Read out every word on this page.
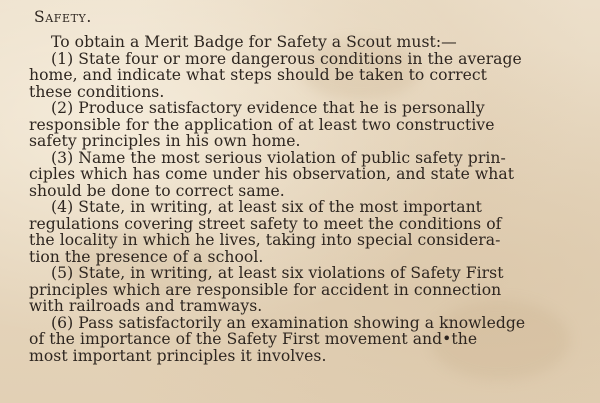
Safety.
To obtain a Merit Badge for Safety a Scout must:—

(1) State four or more dangerous conditions in the average
home, and indicate what steps should be taken to correct
these conditions.

(2) Produce satisfactory evidence that he is personally
responsible for the application of at least two constructive
safety principles in his own home.

(3) Name the most serious violation of public safety prin-
ciples which has come under his observation, and state what
should be done to correct same.

(4) State, in writing, at least six of the most important
regulations covering street safety to meet the conditions of
the locality in which he lives, taking into special considera-
tion the presence of a school.

(5) State, in writing, at least six violations of Safety First
principles which are responsible for accident in connection
with railroads and tramways.

(6) Pass satisfactorily an examination showing a knowledge
of the importance of the Safety First movement and•the
most important principles it involves.
